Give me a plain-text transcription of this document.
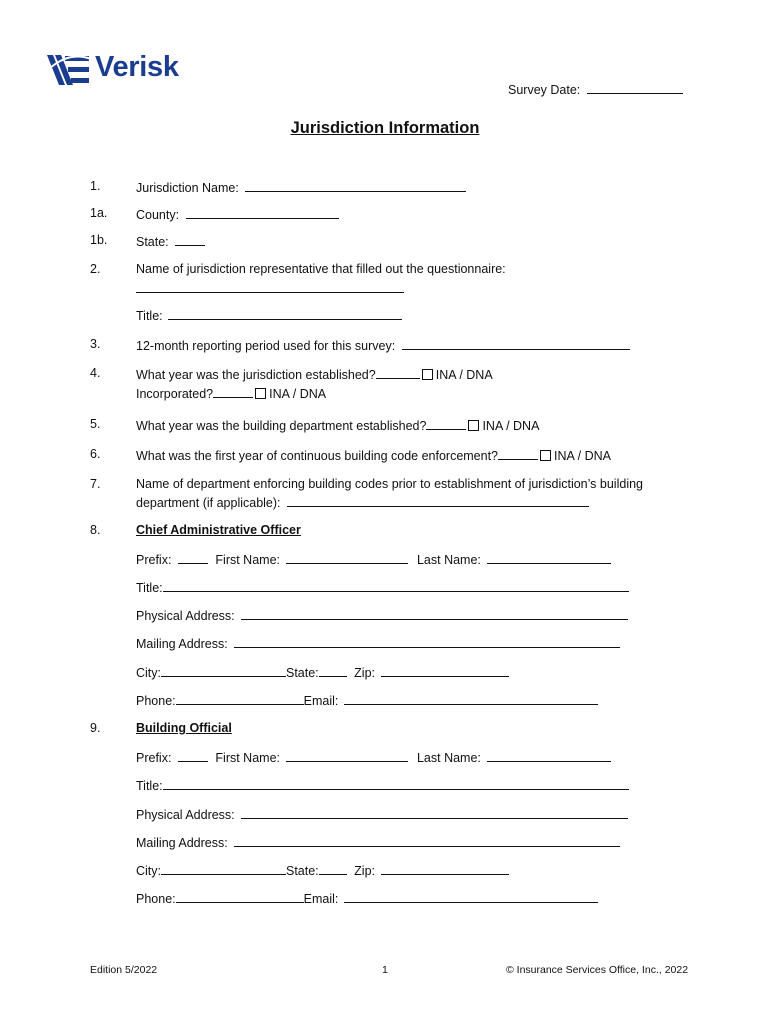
Verisk
Survey Date:
Jurisdiction Information
1.	Jurisdiction Name:
1a. County:
1b. State:
2.	Name of jurisdiction representative that filled out the questionnaire:
Title:
3.	12-month reporting period used for this survey:
4.	What year was the jurisdiction established?	INA / DNA
Incorporated?	INA / DNA
5.	What year was the building department established?	INA / DNA
6.	What was the first year of continuous building code enforcement?	INA / DNA
7.	Name of department enforcing building codes prior to establishment of jurisdiction’s building
department (if applicable):
8.	Chief Administrative Officer
Prefix:	First Name:	Last Name:
Title:
Physical Address:
Mailing Address:
City:	State:	Zip:
Phone:	Email:
9.	Building Official
Prefix:	First Name:	Last Name:
Title:
Physical Address:
Mailing Address:
City:	State:	Zip:
Phone:	Email:
Edition 5/2022	1	© Insurance Services Office, Inc., 2022
